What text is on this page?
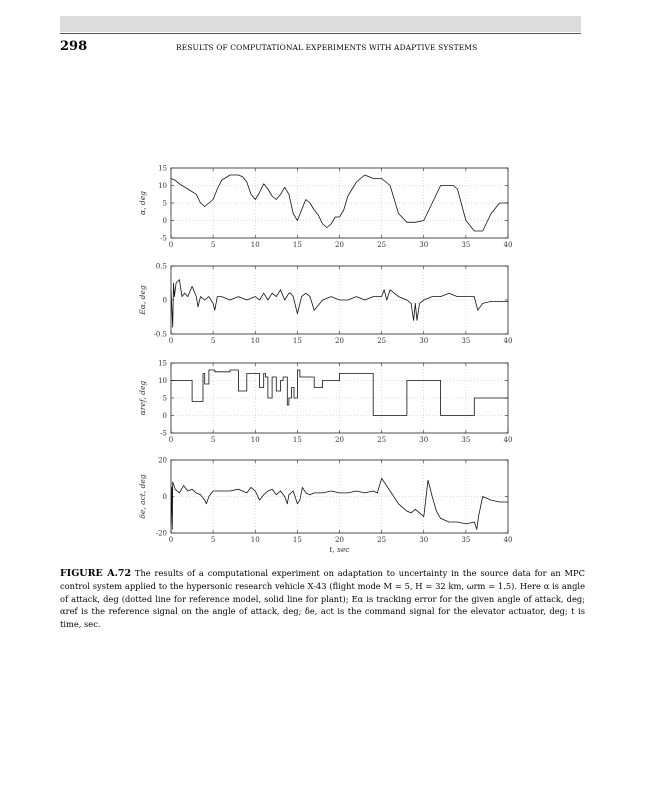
298	RESULTS OF COMPUTATIONAL EXPERIMENTS WITH ADAPTIVE SYSTEMS
0	5	10	15	20	25	30	35	40
-5
0
5
10
15
α, deg
0	5	10	15	20	25	30	35	40
-0.5
0
0.5
Eα, deg
0	5	10	15	20	25	30	35	40
-5
0
5
10
15
αref, deg
0	5	10	15	20	25	30	35	40
-20
0
20
δe, act, deg
t, sec
FIGURE A.72 The results of a computational experiment on adaptation to uncertainty in the source data for an MPC control system applied to the hypersonic research vehicle X-43 (flight mode M = 5, H = 32 km, ωrm = 1.5). Here α is angle of attack, deg (dotted line for reference model, solid line for plant); Eα is tracking error for the given angle of attack, deg; αref is the reference signal on the angle of attack, deg; δe, act is the command signal for the elevator actuator, deg; t is time, sec.
